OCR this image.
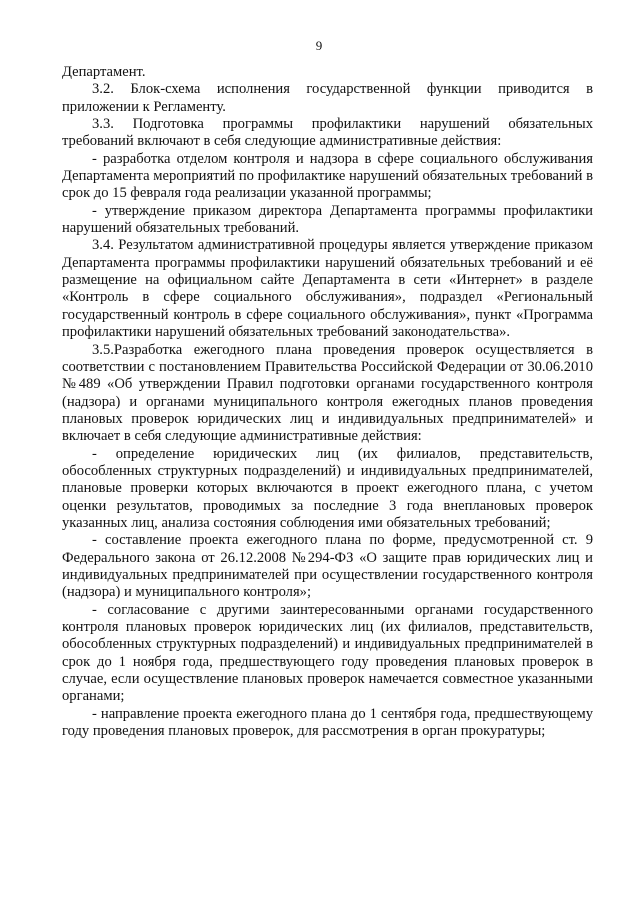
9

Департамент.

3.2. Блок-схема исполнения государственной функции приводится в приложении к Регламенту.

3.3. Подготовка программы профилактики нарушений обязательных требований включают в себя следующие административные действия:

- разработка отделом контроля и надзора в сфере социального обслуживания Департамента мероприятий по профилактике нарушений обязательных требований в срок до 15 февраля года реализации указанной программы;

- утверждение приказом директора Департамента программы профилактики нарушений обязательных требований.

3.4. Результатом административной процедуры является утверждение приказом Департамента программы профилактики нарушений обязательных требований и её размещение на официальном сайте Департамента в сети «Интернет» в разделе «Контроль в сфере социального обслуживания», подраздел «Региональный государственный контроль в сфере социального обслуживания», пункт «Программа профилактики нарушений обязательных требований законодательства».

3.5.Разработка ежегодного плана проведения проверок осуществляется в соответствии с постановлением Правительства Российской Федерации от 30.06.2010 №489 «Об утверждении Правил подготовки органами государственного контроля (надзора) и органами муниципального контроля ежегодных планов проведения плановых проверок юридических лиц и индивидуальных предпринимателей» и включает в себя следующие административные действия:

- определение юридических лиц (их филиалов, представительств, обособленных структурных подразделений) и индивидуальных предпринимателей, плановые проверки которых включаются в проект ежегодного плана, с учетом оценки результатов, проводимых за последние 3 года внеплановых проверок указанных лиц, анализа состояния соблюдения ими обязательных требований;

- составление проекта ежегодного плана по форме, предусмотренной ст. 9 Федерального закона от 26.12.2008 №294-ФЗ «О защите прав юридических лиц и индивидуальных предпринимателей при осуществлении государственного контроля (надзора) и муниципального контроля»;

- согласование с другими заинтересованными органами государственного контроля плановых проверок юридических лиц (их филиалов, представительств, обособленных структурных подразделений) и индивидуальных предпринимателей в срок до 1 ноября года, предшествующего году проведения плановых проверок в случае, если осуществление плановых проверок намечается совместное указанными органами;

- направление проекта ежегодного плана до 1 сентября года, предшествующему году проведения плановых проверок, для рассмотрения в орган прокуратуры;
